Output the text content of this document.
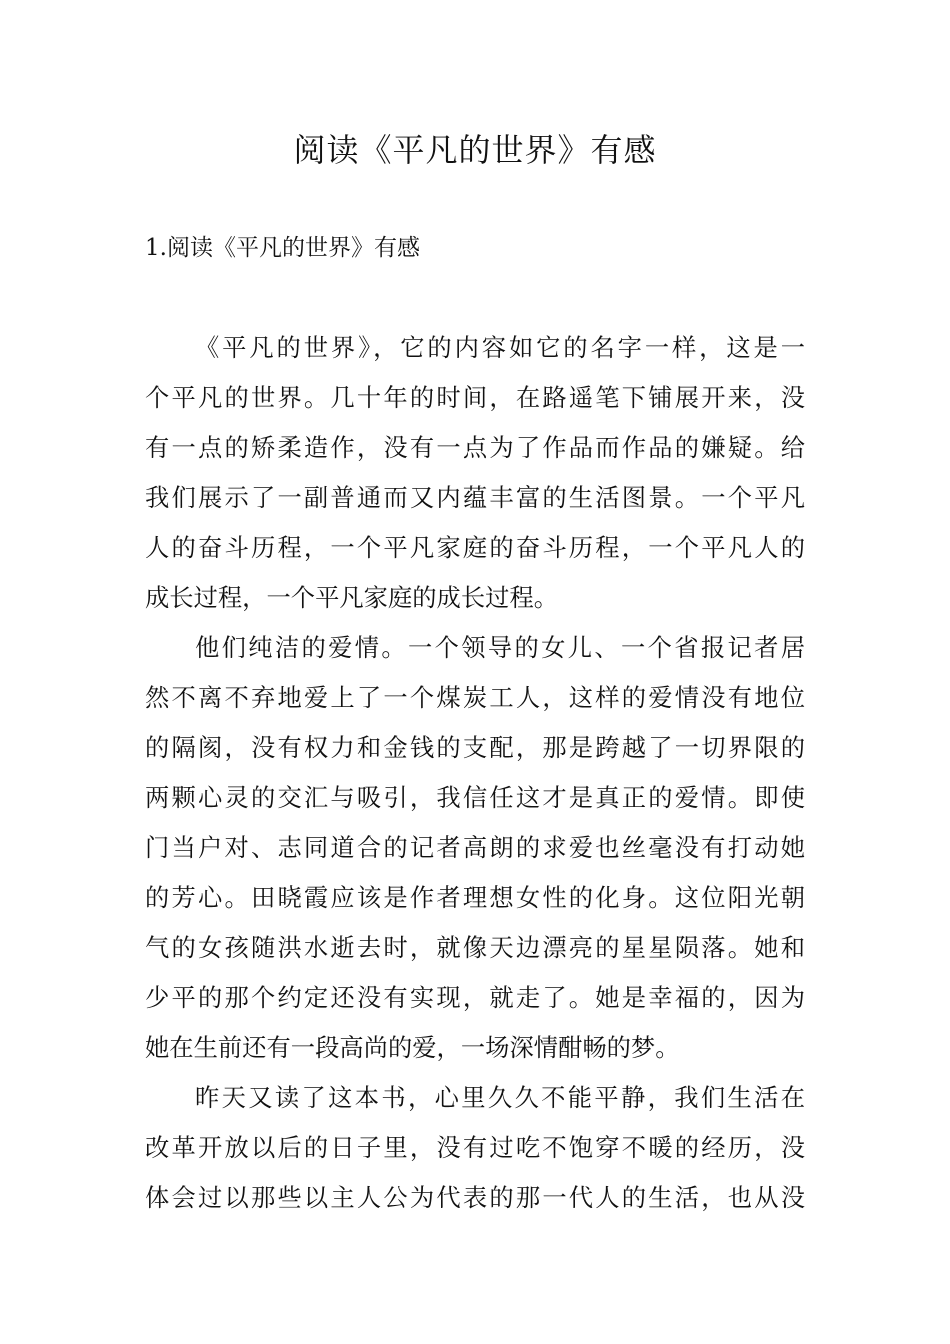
阅读《平凡的世界》有感
1.阅读《平凡的世界》有感

《平凡的世界》，它的内容如它的名字一样，这是一
个平凡的世界。几十年的时间，在路遥笔下铺展开来，没
有一点的矫柔造作，没有一点为了作品而作品的嫌疑。给
我们展示了一副普通而又内蕴丰富的生活图景。一个平凡
人的奋斗历程，一个平凡家庭的奋斗历程，一个平凡人的
成长过程，一个平凡家庭的成长过程。

他们纯洁的爱情。一个领导的女儿、一个省报记者居
然不离不弃地爱上了一个煤炭工人，这样的爱情没有地位
的隔阂，没有权力和金钱的支配，那是跨越了一切界限的
两颗心灵的交汇与吸引，我信任这才是真正的爱情。即使
门当户对、志同道合的记者高朗的求爱也丝毫没有打动她
的芳心。田晓霞应该是作者理想女性的化身。这位阳光朝
气的女孩随洪水逝去时，就像天边漂亮的星星陨落。她和
少平的那个约定还没有实现，就走了。她是幸福的，因为
她在生前还有一段高尚的爱，一场深情酣畅的梦。

昨天又读了这本书，心里久久不能平静，我们生活在
改革开放以后的日子里，没有过吃不饱穿不暖的经历，没
体会过以那些以主人公为代表的那一代人的生活，也从没
